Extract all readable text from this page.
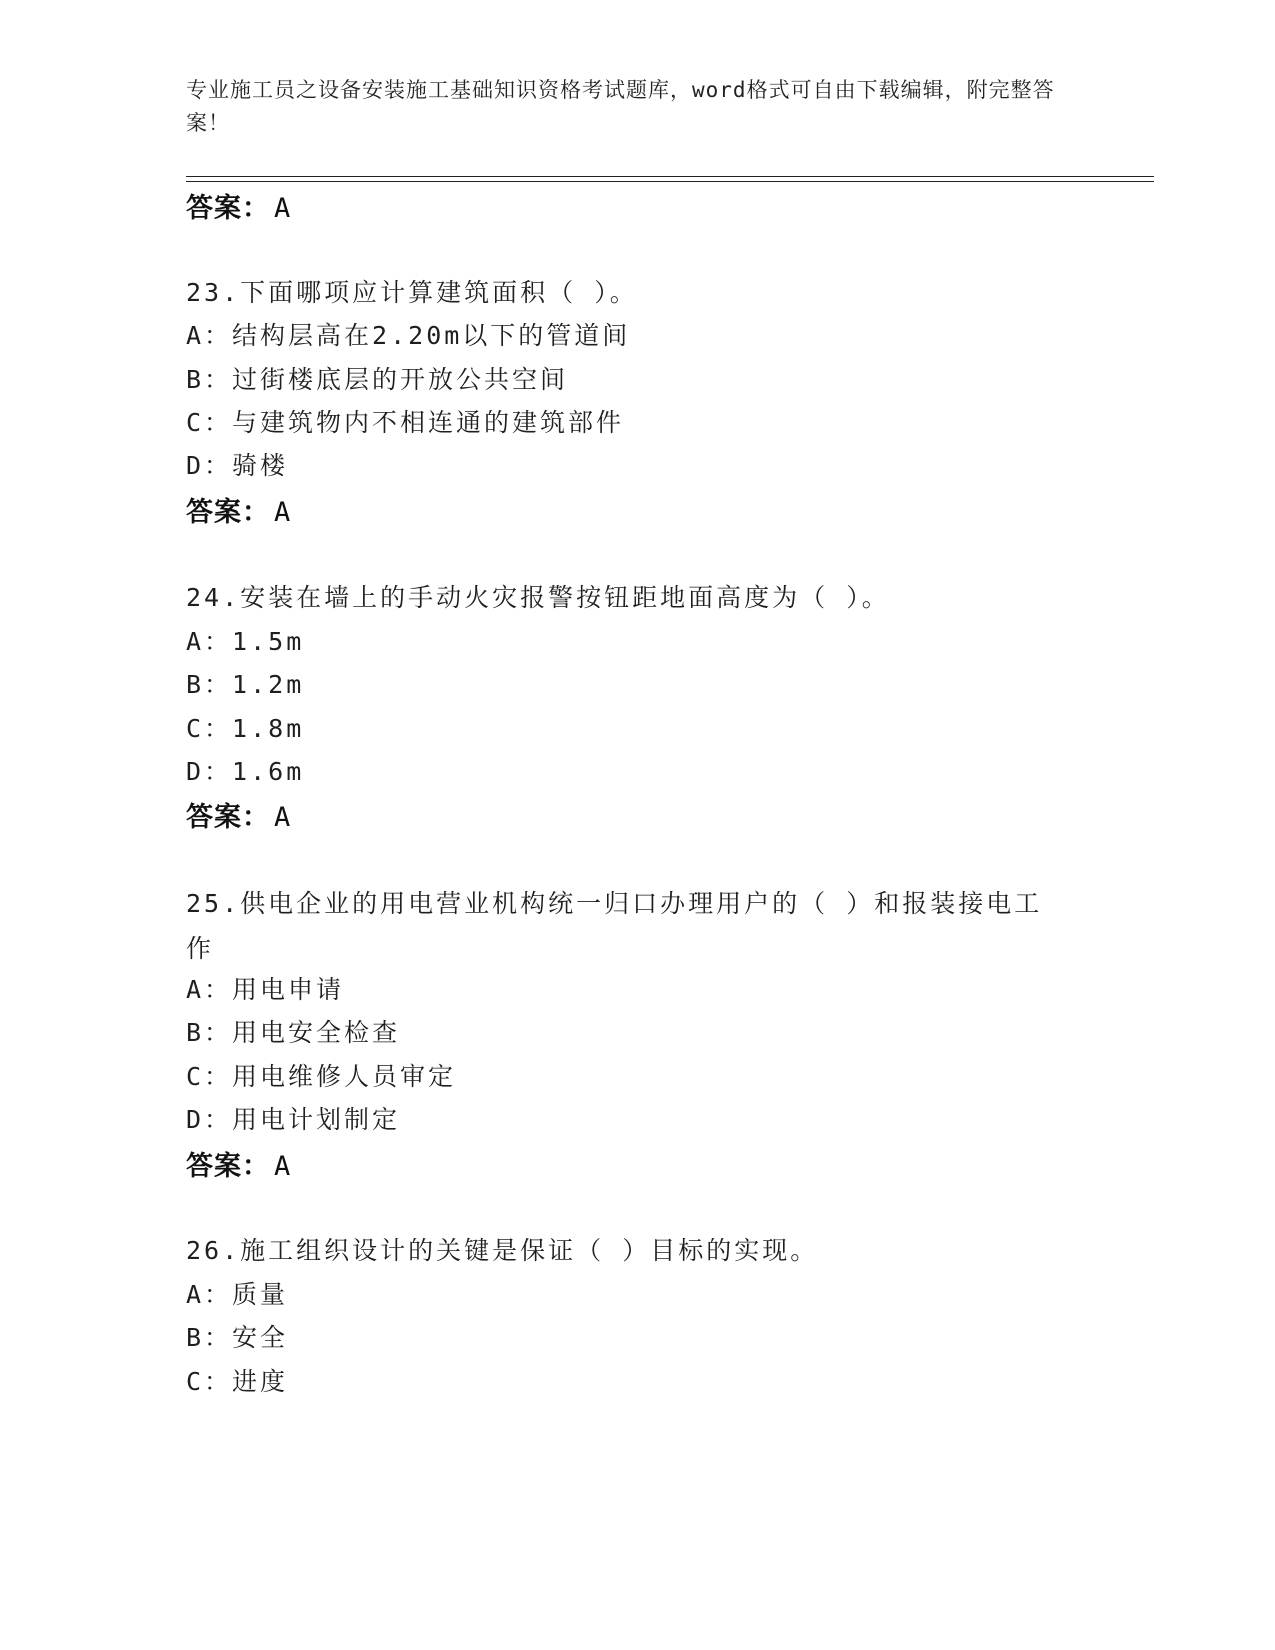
专业施工员之设备安装施工基础知识资格考试题库，word格式可自由下载编辑，附完整答案！
答案： A
23.下面哪项应计算建筑面积（ ）。
A：结构层高在2.20m以下的管道间
B：过街楼底层的开放公共空间
C：与建筑物内不相连通的建筑部件
D：骑楼
答案： A
24.安装在墙上的手动火灾报警按钮距地面高度为（ ）。
A：1.5m
B：1.2m
C：1.8m
D：1.6m
答案： A
25.供电企业的用电营业机构统一归口办理用户的（ ）和报装接电工作
A：用电申请
B：用电安全检查
C：用电维修人员审定
D：用电计划制定
答案： A
26.施工组织设计的关键是保证（ ）目标的实现。
A：质量
B：安全
C：进度
